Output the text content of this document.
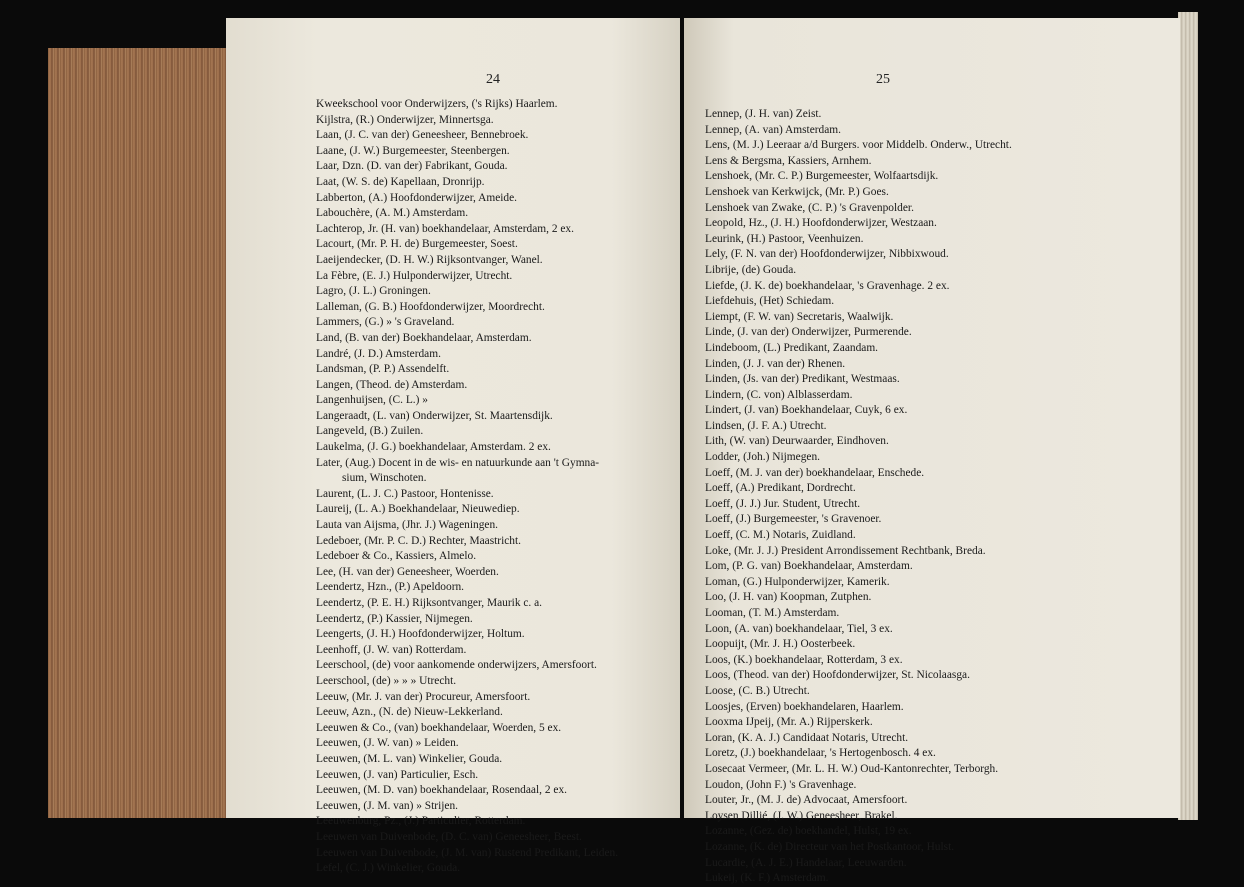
24	25
Kweekschool voor Onderwijzers, ('s Rijks) Haarlem.
Kijlstra, (R.) Onderwijzer, Minnertsga.
Laan, (J. C. van der) Geneesheer, Bennebroek.
Laane, (J. W.) Burgemeester, Steenbergen.
Laar, Dzn. (D. van der) Fabrikant, Gouda.
Laat, (W. S. de) Kapellaan, Dronrijp.
Labberton, (A.) Hoofdonderwijzer, Ameide.
Labouchère, (A. M.) Amsterdam.
Lachterop, Jr. (H. van) boekhandelaar, Amsterdam, 2 ex.
Lacourt, (Mr. P. H. de) Burgemeester, Soest.
Laeijendecker, (D. H. W.) Rijksontvanger, Wanel.
La Fèbre, (E. J.) Hulponderwijzer, Utrecht.
Lagro, (J. L.) Groningen.
Lalleman, (G. B.) Hoofdonderwijzer, Moordrecht.
Lammers, (G.) » 's Graveland.
Land, (B. van der) Boekhandelaar, Amsterdam.
Landré, (J. D.) Amsterdam.
Landsman, (P. P.) Assendelft.
Langen, (Theod. de) Amsterdam.
Langenhuijsen, (C. L.) »
Langeraadt, (L. van) Onderwijzer, St. Maartensdijk.
Langeveld, (B.) Zuilen.
Laukelma, (J. G.) boekhandelaar, Amsterdam. 2 ex.
Later, (Aug.) Docent in de wis- en natuurkunde aan 't Gymna-
sium, Winschoten.
Laurent, (L. J. C.) Pastoor, Hontenisse.
Laureij, (L. A.) Boekhandelaar, Nieuwediep.
Lauta van Aijsma, (Jhr. J.) Wageningen.
Ledeboer, (Mr. P. C. D.) Rechter, Maastricht.
Ledeboer & Co., Kassiers, Almelo.
Lee, (H. van der) Geneesheer, Woerden.
Leendertz, Hzn., (P.) Apeldoorn.
Leendertz, (P. E. H.) Rijksontvanger, Maurik c. a.
Leendertz, (P.) Kassier, Nijmegen.
Leengerts, (J. H.) Hoofdonderwijzer, Holtum.
Leenhoff, (J. W. van) Rotterdam.
Leerschool, (de) voor aankomende onderwijzers, Amersfoort.
Leerschool, (de) » » » Utrecht.
Leeuw, (Mr. J. van der) Procureur, Amersfoort.
Leeuw, Azn., (N. de) Nieuw-Lekkerland.
Leeuwen & Co., (van) boekhandelaar, Woerden, 5 ex.
Leeuwen, (J. W. van) » Leiden.
Leeuwen, (M. L. van) Winkelier, Gouda.
Leeuwen, (J. van) Particulier, Esch.
Leeuwen, (M. D. van) boekhandelaar, Rosendaal, 2 ex.
Leeuwen, (J. M. van) » Strijen.
Leeuwenburg, Pz., (J.) Particulier, Rotterdam.
Leeuwen van Duivenbode, (D. C. van) Geneesheer, Beest.
Leeuwen van Duivenbode, (J. M. van) Rustend Predikant, Leiden.
Lefel, (C. J.) Winkelier, Gouda.
Lennep, (J. H. van) Zeist.
Lennep, (A. van) Amsterdam.
Lens, (M. J.) Leeraar a/d Burgers. voor Middelb. Onderw., Utrecht.
Lens & Bergsma, Kassiers, Arnhem.
Lenshoek, (Mr. C. P.) Burgemeester, Wolfaartsdijk.
Lenshoek van Kerkwijck, (Mr. P.) Goes.
Lenshoek van Zwake, (C. P.) 's Gravenpolder.
Leopold, Hz., (J. H.) Hoofdonderwijzer, Westzaan.
Leurink, (H.) Pastoor, Veenhuizen.
Lely, (F. N. van der) Hoofdonderwijzer, Nibbixwoud.
Librije, (de) Gouda.
Liefde, (J. K. de) boekhandelaar, 's Gravenhage. 2 ex.
Liefdehuis, (Het) Schiedam.
Liempt, (F. W. van) Secretaris, Waalwijk.
Linde, (J. van der) Onderwijzer, Purmerende.
Lindeboom, (L.) Predikant, Zaandam.
Linden, (J. J. van der) Rhenen.
Linden, (Js. van der) Predikant, Westmaas.
Lindern, (C. von) Alblasserdam.
Lindert, (J. van) Boekhandelaar, Cuyk, 6 ex.
Lindsen, (J. F. A.) Utrecht.
Lith, (W. van) Deurwaarder, Eindhoven.
Lodder, (Joh.) Nijmegen.
Loeff, (M. J. van der) boekhandelaar, Enschede.
Loeff, (A.) Predikant, Dordrecht.
Loeff, (J. J.) Jur. Student, Utrecht.
Loeff, (J.) Burgemeester, 's Gravenoer.
Loeff, (C. M.) Notaris, Zuidland.
Loke, (Mr. J. J.) President Arrondissement Rechtbank, Breda.
Lom, (P. G. van) Boekhandelaar, Amsterdam.
Loman, (G.) Hulponderwijzer, Kamerik.
Loo, (J. H. van) Koopman, Zutphen.
Looman, (T. M.) Amsterdam.
Loon, (A. van) boekhandelaar, Tiel, 3 ex.
Loopuijt, (Mr. J. H.) Oosterbeek.
Loos, (K.) boekhandelaar, Rotterdam, 3 ex.
Loos, (Theod. van der) Hoofdonderwijzer, St. Nicolaasga.
Loose, (C. B.) Utrecht.
Loosjes, (Erven) boekhandelaren, Haarlem.
Looxma IJpeij, (Mr. A.) Rijperskerk.
Loran, (K. A. J.) Candidaat Notaris, Utrecht.
Loretz, (J.) boekhandelaar, 's Hertogenbosch. 4 ex.
Losecaat Vermeer, (Mr. L. H. W.) Oud-Kantonrechter, Terborgh.
Loudon, (John F.) 's Gravenhage.
Louter, Jr., (M. J. de) Advocaat, Amersfoort.
Loysen Dillié, (J. W.) Geneesheer, Brakel.
Lozanne, (Gez. de) boekhandel, Hulst, 19 ex.
Lozanne, (K. de) Directeur van het Postkantoor, Hulst.
Lucardie, (A. J. E.) Handelaar, Leeuwarden.
Lukeij, (K. F.) Amsterdam.
